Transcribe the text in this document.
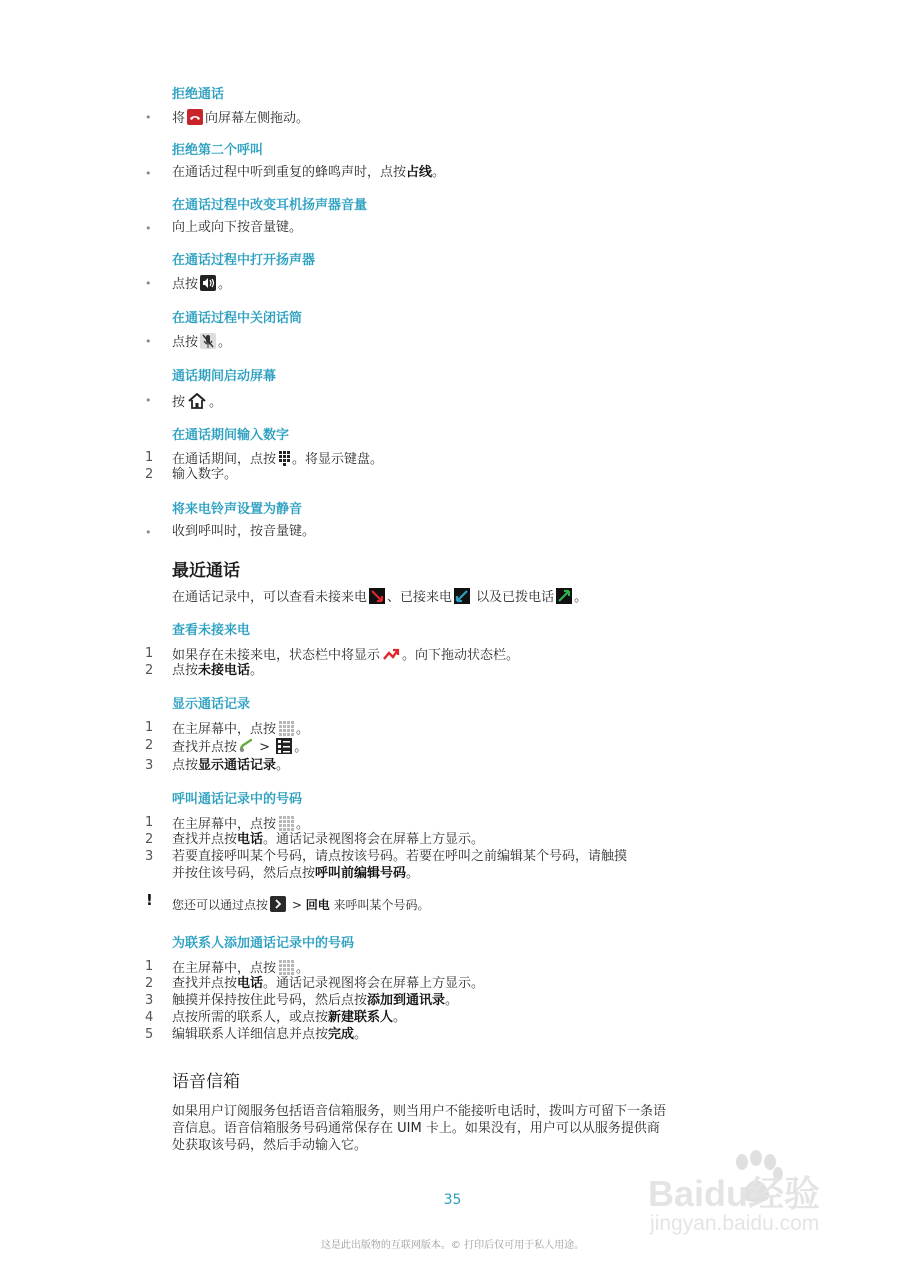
拒绝通话
•	将 向屏幕左侧拖动。
拒绝第二个呼叫
•	在通话过程中听到重复的蜂鸣声时，点按占线。
在通话过程中改变耳机扬声器音量
•	向上或向下按音量键。
在通话过程中打开扬声器
•	点按 。
在通话过程中关闭话筒
•	点按 。
通话期间启动屏幕
•	按 。
在通话期间输入数字
1	在通话期间，点按 。将显示键盘。
2	输入数字。
将来电铃声设置为静音
•	收到呼叫时，按音量键。
最近通话
在通话记录中，可以查看未接来电 、已接来电
以及已拨电话 。
查看未接来电
1	如果存在未接来电，状态栏中将显示 。向下拖动状态栏。
2	点按未接电话。
显示通话记录
1	在主屏幕中，点按 。
2	查找并点按
>
。
3	点按显示通话记录。
呼叫通话记录中的号码
1	在主屏幕中，点按 。
2	查找并点按电话。通话记录视图将会在屏幕上方显示。
3	若要直接呼叫某个号码，请点按该号码。若要在呼叫之前编辑某个号码，请触摸
并按住该号码，然后点按呼叫前编辑号码。
! 您还可以通过点按
> 回电 来呼叫某个号码。
为联系人添加通话记录中的号码
1	在主屏幕中，点按 。
2	查找并点按电话。通话记录视图将会在屏幕上方显示。
3	触摸并保持按住此号码，然后点按添加到通讯录。
4	点按所需的联系人，或点按新建联系人。
5	编辑联系人详细信息并点按完成。
语音信箱
如果用户订阅服务包括语音信箱服务，则当用户不能接听电话时，拨叫方可留下一条语
音信息。语音信箱服务号码通常保存在 UIM 卡上。如果没有，用户可以从服务提供商
处获取该号码，然后手动输入它。
35
这是此出版物的互联网版本。© 打印后仅可用于私人用途。
Baidu经验
jingyan.baidu.com
